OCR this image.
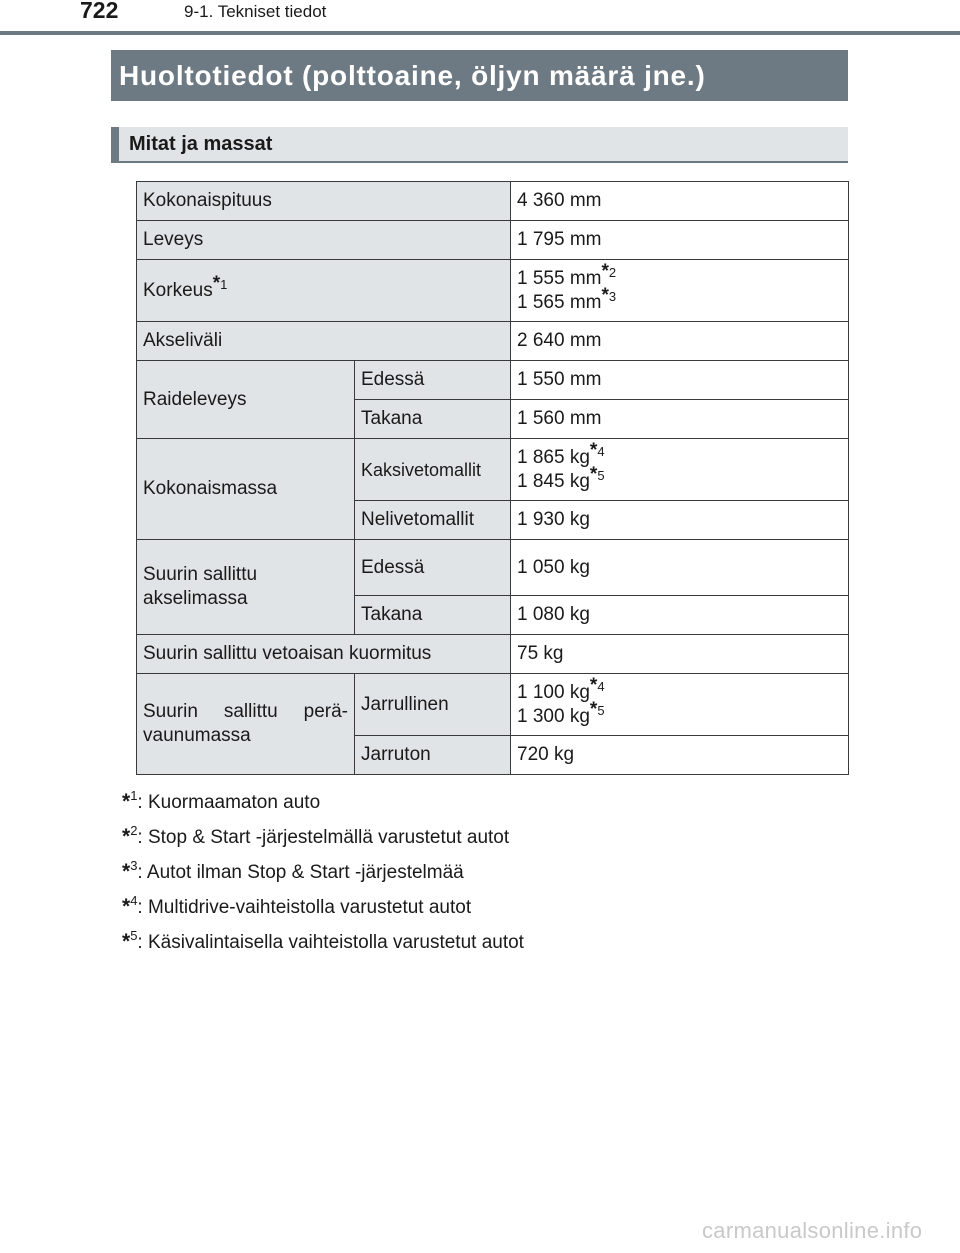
722	9-1. Tekniset tiedot
Huoltotiedot (polttoaine, öljyn määrä jne.)
Mitat ja massat
Kokonaispituus		4 360 mm
Leveys		1 795 mm
Korkeus$^{*1}$		1 555 mm$^{*2}$
1 565 mm$^{*3}$

Akseliväli		2 640 mm
Raideleveys	Edessä	1 550 mm
	Takana	1 560 mm
Kokonaismassa	Kaksivetomallit	1 865 kg$^{*4}$
1 845 kg$^{*5}$

	Nelivetomallit	1 930 kg
Suurin sallittu akselimassa	Edessä	1 050 kg
	Takana	1 080 kg
Suurin sallittu vetoaisan kuormitus		75 kg
Suurin sallittu perä-vaunumassa	Jarrullinen	1 100 kg$^{*4}$
1 300 kg$^{*5}$

	Jarruton	720 kg
*$^1$: Kuormaamaton auto
*$^2$: Stop & Start -järjestelmällä varustetut autot
*$^3$: Autot ilman Stop & Start -järjestelmää
*$^4$: Multidrive-vaihteistolla varustetut autot
*$^5$: Käsivalintaisella vaihteistolla varustetut autot
carmanualsonline.info
